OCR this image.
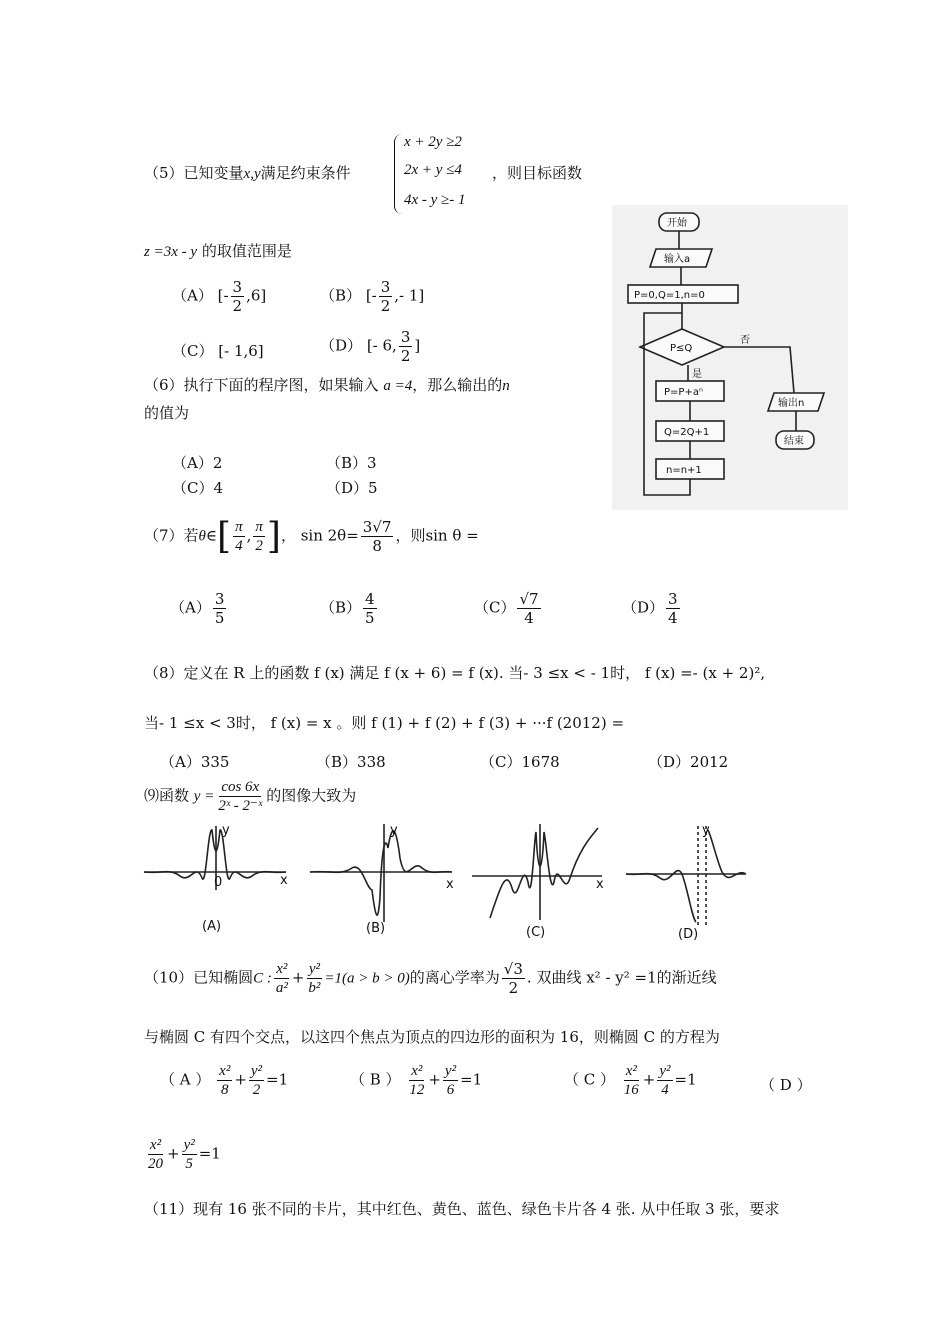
（5）已知变量x,y满足约束条件
x + 2y ≥2
2x + y ≤4
4x - y ≥- 1
，则目标函数
z =3x - y 的取值范围是
（A） [- $\frac{3}{2} ,6$]	（B） [- $\frac{3}{2}$ ,- 1]
（C） [- 1,6]	（D） [- 6, $\frac{3}{2}$ ]
（6）执行下面的程序图，如果输入 a =4，那么输出的n
的值为
（A）2	（B）3
（C）4	（D）5
开始
输入a
P=0,Q=1,n=0
P≤Q
是
否
P=P+aⁿ
Q=2Q+1
n=n+1
输出n
结束
（7）若θ∈[ $\frac{\pi}{4}$ , $\frac{\pi}{2}$ ]， $\sin 2\theta= \frac{3√7}{8}$ ，则sin θ =
$(A) \frac{3}{5}$	$(B) \frac{4}{5}$	$(C) \frac{√7}{4}$	$(D) \frac{3}{4}$
（8）定义在 R 上的函数 f (x) 满足 f (x + 6) = f (x). 当- 3 ≤x < - 1时， f (x) =- (x + 2)²,
当- 1 ≤x < 3时， f (x) = x 。则 f (1) + f (2) + f (3) + ···f (2012) =
（A）335	（B）338	（C）1678	（D）2012
⑼函数 $y = \frac{\cos 6x}{\text{2ˣ - 2⁻ˣ}}$ 的图像大致为
y
x
0
y
x	x
y
(A)	(B)	(C)	(D)
（10）已知椭圆C : $\frac{\text{x²}}{\text{a²}} + \frac{\text{y²}}{\text{b²}} =1(a > b > 0)$的离心学率为 $\frac{√3}{2}$ . 双曲线 x² - y² =1的渐近线
与椭圆 C 有四个交点，以这四个焦点为顶点的四边形的面积为 16，则椭圆 C 的方程为
（ A ） $\frac{\text{x²}}{8} + \frac{\text{y²}}{2} =1$	（ B ） $\frac{\text{x²}}{12} + \frac{\text{y²}}{6} =1$	（ C ） $\frac{\text{x²}}{16} + \frac{\text{y²}}{4} =1$	（ D ）
$\frac{\text{x²}}{20} + \frac{\text{y²}}{5} =1$
（11）现有 16 张不同的卡片，其中红色、黄色、蓝色、绿色卡片各 4 张. 从中任取 3 张，要求
